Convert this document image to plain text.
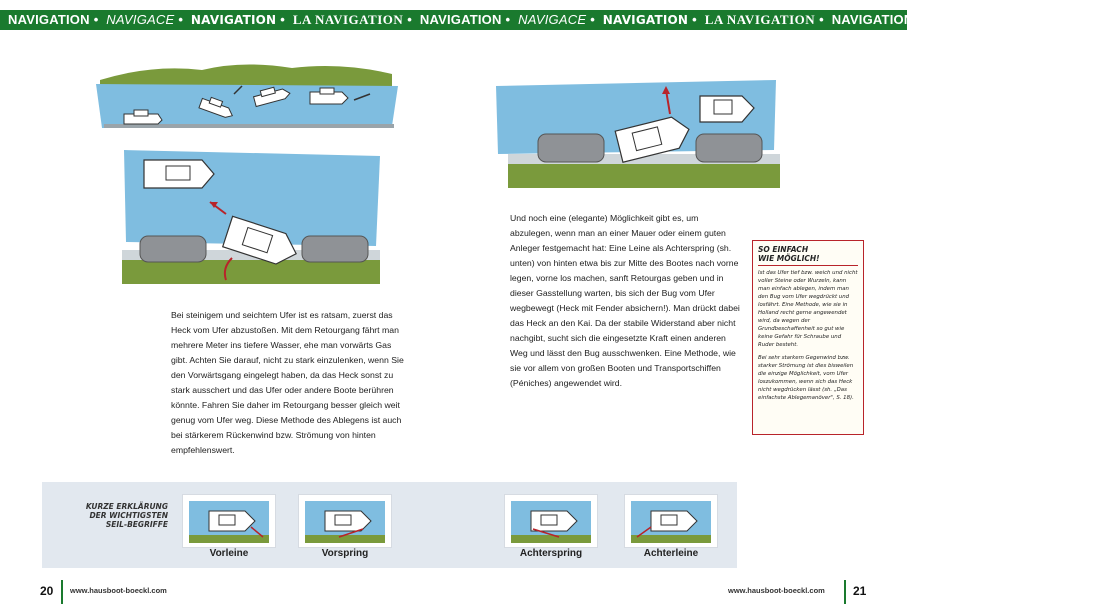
NAVIGATION • NAVIGACE • NAVIGATION • LA NAVIGATION • NAVIGATION • NAVIGACE • NAVIGATION • LA NAVIGATION • NAVIGATION • NAVIGACE • NAVIGATION
Bei steinigem und seichtem Ufer ist es ratsam, zuerst das Heck vom Ufer abzustoßen. Mit dem Retourgang fährt man mehrere Meter ins tiefere Wasser, ehe man vorwärts Gas gibt. Achten Sie darauf, nicht zu stark einzulenken, wenn Sie den Vorwärtsgang eingelegt haben, da das Heck sonst zu stark ausschert und das Ufer oder andere Boote berühren könnte. Fahren Sie daher im Retourgang besser gleich weit genug vom Ufer weg. Diese Methode des Ablegens ist auch bei stärkerem Rückenwind bzw. Strömung von hinten empfehlenswert.
Und noch eine (elegante) Möglichkeit gibt es, um abzulegen, wenn man an einer Mauer oder einem guten Anleger festgemacht hat: Eine Leine als Achterspring (sh. unten) von hinten etwa bis zur Mitte des Bootes nach vorne legen, vorne los machen, sanft Retourgas geben und in dieser Gasstellung warten, bis sich der Bug vom Ufer wegbewegt (Heck mit Fender absichern!). Man drückt dabei das Heck an den Kai. Da der stabile Widerstand aber nicht nachgibt, sucht sich die eingesetzte Kraft einen anderen Weg und lässt den Bug ausschwenken. Eine Methode, wie sie vor allem von großen Booten und Transportschiffen (Péniches) angewendet wird.
SO EINFACH
WIE MÖGLICH!

Ist das Ufer tief bzw. weich und nicht voller Steine oder Wurzeln, kann man einfach ablegen, indem man den Bug vom Ufer wegdrückt und losfährt. Eine Methode, wie sie in Holland recht gerne angewendet wird, da wegen der Grundbeschaffenheit so gut wie keine Gefahr für Schraube und Ruder besteht.

Bei sehr starkem Gegenwind bzw. starker Strömung ist dies bisweilen die einzige Möglichkeit, vom Ufer loszukommen, wenn sich das Heck nicht wegdrücken lässt (sh. „Das einfachste Ablegemanöver", S. 18).

KURZE ERKLÄRUNG
DER WICHTIGSTEN
SEIL-BEGRIFFE
Vorleine	Vorspring	Achterspring	Achterleine
20 www.hausboot-boeckl.com	www.hausboot-boeckl.com 21
